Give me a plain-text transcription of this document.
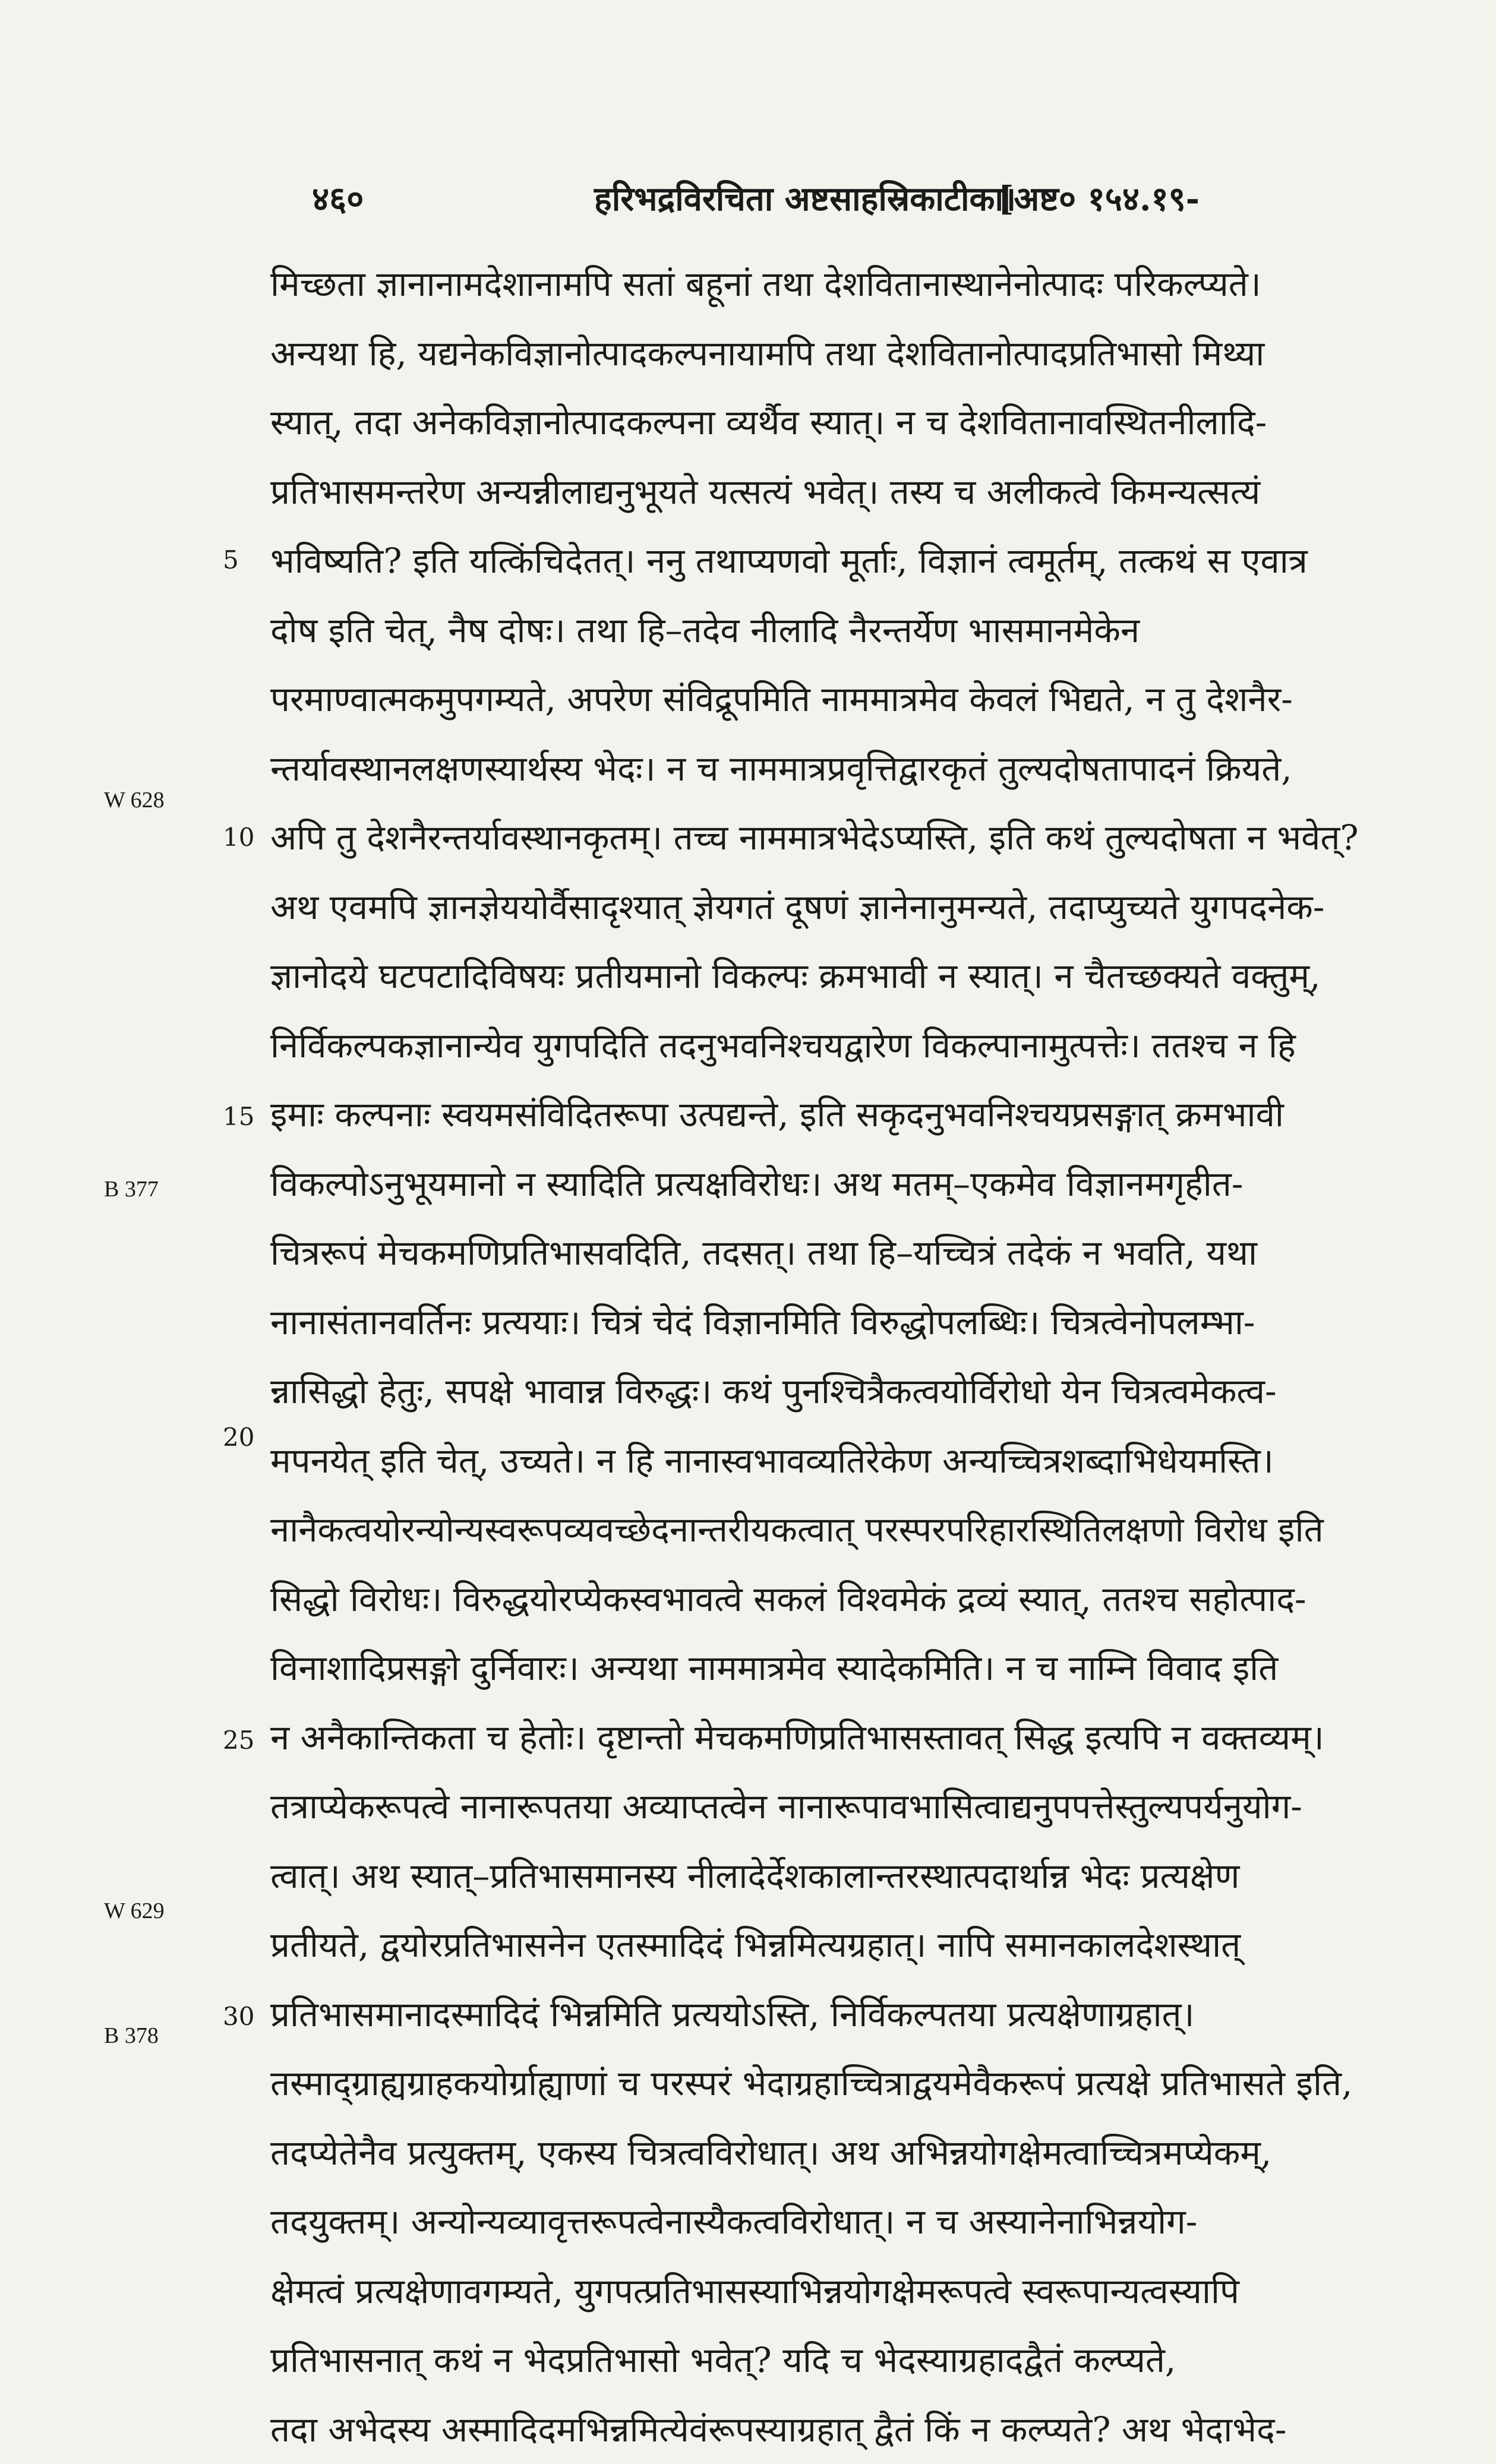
४६०	हरिभद्रविरचिता अष्टसाहस्रिकाटीका।
[अष्ट० १५४.१९-
W 628
B 377
W 629
B 378
5
10
15
20
25
30
मिच्छता ज्ञानानामदेशानामपि सतां बहूनां तथा देशवितानास्थानेनोत्पादः परिकल्प्यते।
अन्यथा हि, यद्यनेकविज्ञानोत्पादकल्पनायामपि तथा देशवितानोत्पादप्रतिभासो मिथ्या
स्यात्, तदा अनेकविज्ञानोत्पादकल्पना व्यर्थैव स्यात्। न च देशवितानावस्थितनीलादि-
प्रतिभासमन्तरेण अन्यन्नीलाद्यनुभूयते यत्सत्यं भवेत्। तस्य च अलीकत्वे किमन्यत्सत्यं
भविष्यति? इति यत्किंचिदेतत्। ननु तथाप्यणवो मूर्ताः, विज्ञानं त्वमूर्तम्, तत्कथं स एवात्र
दोष इति चेत्, नैष दोषः। तथा हि–तदेव नीलादि नैरन्तर्येण भासमानमेकेन
परमाण्वात्मकमुपगम्यते, अपरेण संविद्रूपमिति नाममात्रमेव केवलं भिद्यते, न तु देशनैर-
न्तर्यावस्थानलक्षणस्यार्थस्य भेदः। न च नाममात्रप्रवृत्तिद्वारकृतं तुल्यदोषतापादनं क्रियते,
अपि तु देशनैरन्तर्यावस्थानकृतम्। तच्च नाममात्रभेदेऽप्यस्ति, इति कथं तुल्यदोषता न भवेत्?
अथ एवमपि ज्ञानज्ञेययोर्वैसादृश्यात् ज्ञेयगतं दूषणं ज्ञानेनानुमन्यते, तदाप्युच्यते युगपदनेक-
ज्ञानोदये घटपटादिविषयः प्रतीयमानो विकल्पः क्रमभावी न स्यात्। न चैतच्छक्यते वक्तुम्,
निर्विकल्पकज्ञानान्येव युगपदिति तदनुभवनिश्चयद्वारेण विकल्पानामुत्पत्तेः। ततश्च न हि
इमाः कल्पनाः स्वयमसंविदितरूपा उत्पद्यन्ते, इति सकृदनुभवनिश्चयप्रसङ्गात् क्रमभावी
विकल्पोऽनुभूयमानो न स्यादिति प्रत्यक्षविरोधः। अथ मतम्–एकमेव विज्ञानमगृहीत-
चित्ररूपं मेचकमणिप्रतिभासवदिति, तदसत्। तथा हि–यच्चित्रं तदेकं न भवति, यथा
नानासंतानवर्तिनः प्रत्ययाः। चित्रं चेदं विज्ञानमिति विरुद्धोपलब्धिः। चित्रत्वेनोपलम्भा-
न्नासिद्धो हेतुः, सपक्षे भावान्न विरुद्धः। कथं पुनश्चित्रैकत्वयोर्विरोधो येन चित्रत्वमेकत्व-
मपनयेत् इति चेत्, उच्यते। न हि नानास्वभावव्यतिरेकेण अन्यच्चित्रशब्दाभिधेयमस्ति।
नानैकत्वयोरन्योन्यस्वरूपव्यवच्छेदनान्तरीयकत्वात् परस्परपरिहारस्थितिलक्षणो विरोध इति
सिद्धो विरोधः। विरुद्धयोरप्येकस्वभावत्वे सकलं विश्वमेकं द्रव्यं स्यात्, ततश्च सहोत्पाद-
विनाशादिप्रसङ्गो दुर्निवारः। अन्यथा नाममात्रमेव स्यादेकमिति। न च नाम्नि विवाद इति
न अनैकान्तिकता च हेतोः। दृष्टान्तो मेचकमणिप्रतिभासस्तावत् सिद्ध इत्यपि न वक्तव्यम्।
तत्राप्येकरूपत्वे नानारूपतया अव्याप्तत्वेन नानारूपावभासित्वाद्यनुपपत्तेस्तुल्यपर्यनुयोग-
त्वात्। अथ स्यात्–प्रतिभासमानस्य नीलादेर्देशकालान्तरस्थात्पदार्थान्न भेदः प्रत्यक्षेण
प्रतीयते, द्वयोरप्रतिभासनेन एतस्मादिदं भिन्नमित्यग्रहात्। नापि समानकालदेशस्थात्
प्रतिभासमानादस्मादिदं भिन्नमिति प्रत्ययोऽस्ति, निर्विकल्पतया प्रत्यक्षेणाग्रहात्।
तस्माद्ग्राह्यग्राहकयोर्ग्राह्याणां च परस्परं भेदाग्रहाच्चित्राद्वयमेवैकरूपं प्रत्यक्षे प्रतिभासते इति,
तदप्येतेनैव प्रत्युक्तम्, एकस्य चित्रत्वविरोधात्। अथ अभिन्नयोगक्षेमत्वाच्चित्रमप्येकम्,
तदयुक्तम्। अन्योन्यव्यावृत्तरूपत्वेनास्यैकत्वविरोधात्। न च अस्यानेनाभिन्नयोग-
क्षेमत्वं प्रत्यक्षेणावगम्यते, युगपत्प्रतिभासस्याभिन्नयोगक्षेमरूपत्वे स्वरूपान्यत्वस्यापि
प्रतिभासनात् कथं न भेदप्रतिभासो भवेत्? यदि च भेदस्याग्रहादद्वैतं कल्प्यते,
तदा अभेदस्य अस्मादिदमभिन्नमित्येवंरूपस्याग्रहात् द्वैतं किं न कल्प्यते? अथ भेदाभेद-
